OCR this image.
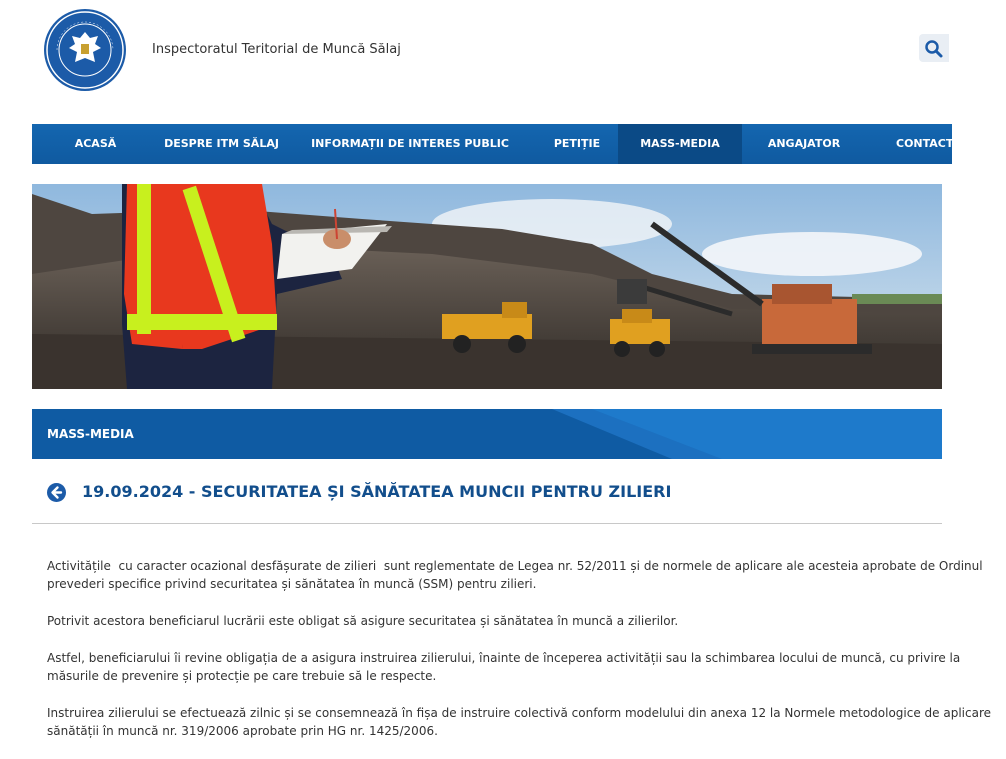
Inspectoratul Teritorial de Muncă Sălaj
ACASĂ	DESPRE ITM SĂLAJ	INFORMAȚII DE INTERES PUBLIC	PETIȚIE	MASS-MEDIA	ANGAJATOR	CONTACT
MASS-MEDIA
19.09.2024 - SECURITATEA ȘI SĂNĂTATEA MUNCII PENTRU ZILIERI

Activitățile  cu caracter ocazional desfășurate de zilieri  sunt reglementate de Legea nr. 52/2011 și de normele de aplicare ale acesteia aprobate de Ordinul
prevederi specifice privind securitatea și sănătatea în muncă (SSM) pentru zilieri.

Potrivit acestora beneficiarul lucrării este obligat să asigure securitatea și sănătatea în muncă a zilierilor.

Astfel, beneficiarului îi revine obligația de a asigura instruirea zilierului, înainte de începerea activității sau la schimbarea locului de muncă, cu privire la
măsurile de prevenire și protecție pe care trebuie să le respecte.

Instruirea zilierului se efectuează zilnic și se consemnează în fișa de instruire colectivă conform modelului din anexa 12 la Normele metodologice de aplicare
sănătății în muncă nr. 319/2006 aprobate prin HG nr. 1425/2006.
